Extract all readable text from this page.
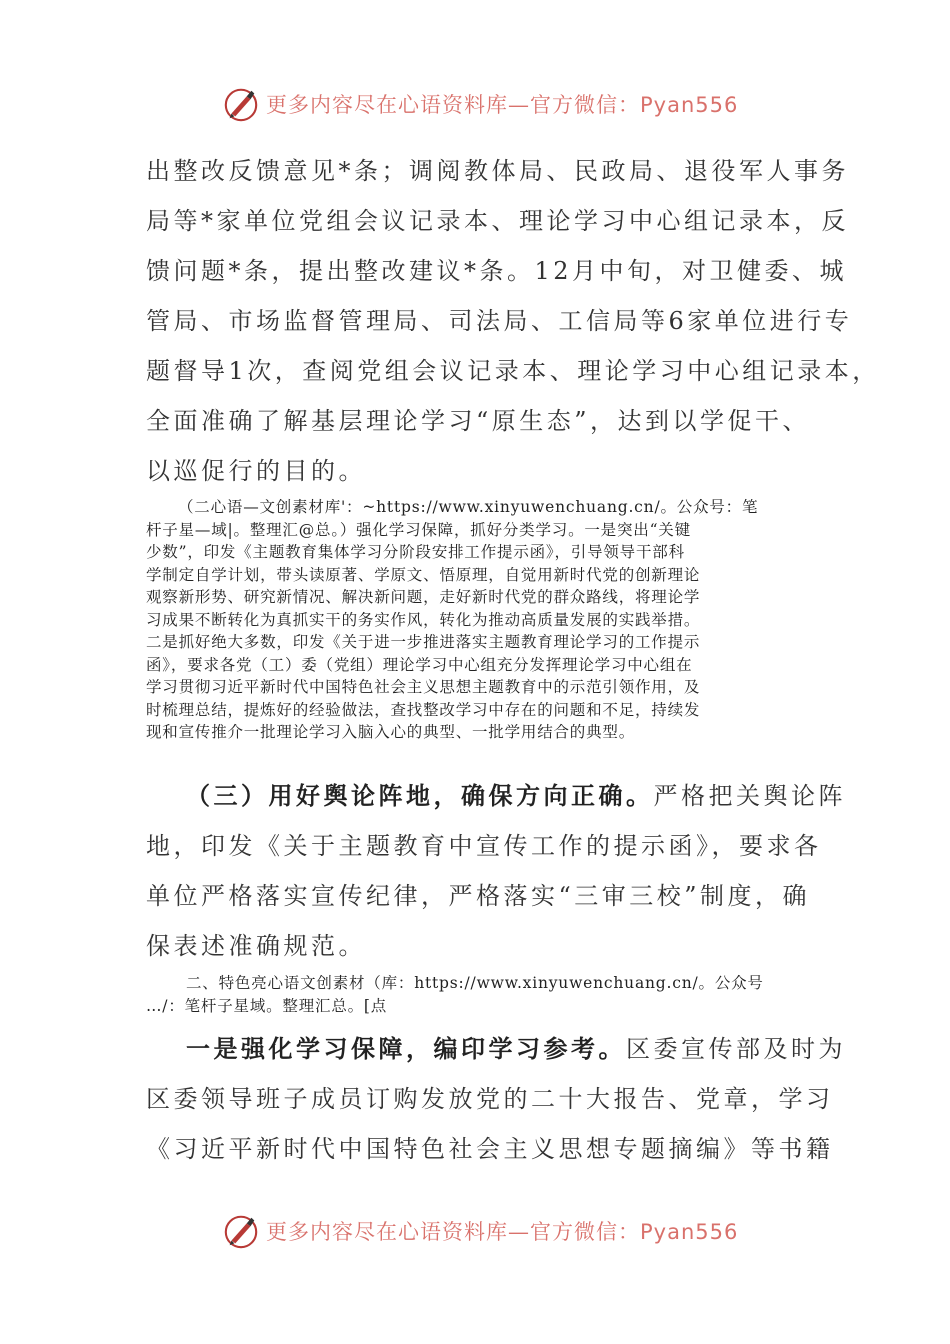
更多内容尽在心语资料库—官方微信：Pyan556
出整改反馈意见*条；调阅教体局、民政局、退役军人事务
局等*家单位党组会议记录本、理论学习中心组记录本，反
馈问题*条，提出整改建议*条。12月中旬，对卫健委、城
管局、市场监督管理局、司法局、工信局等6家单位进行专
题督导1次，查阅党组会议记录本、理论学习中心组记录本，
全面准确了解基层理论学习“原生态”，达到以学促干、
以巡促行的目的。
（二心语—文创素材库'：~https://www.xinyuwenchuang.cn/。公众号：笔
杆子星—域|。整理汇@总。）强化学习保障，抓好分类学习。一是突出“关键
少数”，印发《主题教育集体学习分阶段安排工作提示函》，引导领导干部科
学制定自学计划，带头读原著、学原文、悟原理，自觉用新时代党的创新理论
观察新形势、研究新情况、解决新问题，走好新时代党的群众路线，将理论学
习成果不断转化为真抓实干的务实作风，转化为推动高质量发展的实践举措。
二是抓好绝大多数，印发《关于进一步推进落实主题教育理论学习的工作提示
函》，要求各党（工）委（党组）理论学习中心组充分发挥理论学习中心组在
学习贯彻习近平新时代中国特色社会主义思想主题教育中的示范引领作用，及
时梳理总结，提炼好的经验做法，查找整改学习中存在的问题和不足，持续发
现和宣传推介一批理论学习入脑入心的典型、一批学用结合的典型。
（三）用好舆论阵地，确保方向正确。严格把关舆论阵
地，印发《关于主题教育中宣传工作的提示函》，要求各
单位严格落实宣传纪律，严格落实“三审三校”制度，确
保表述准确规范。
二、特色亮心语文创素材（库：https://www.xinyuwenchuang.cn/。公众号
…/：笔杆子星域。整理汇总。[点
一是强化学习保障，编印学习参考。区委宣传部及时为
区委领导班子成员订购发放党的二十大报告、党章，学习
《习近平新时代中国特色社会主义思想专题摘编》等书籍
更多内容尽在心语资料库—官方微信：Pyan556
